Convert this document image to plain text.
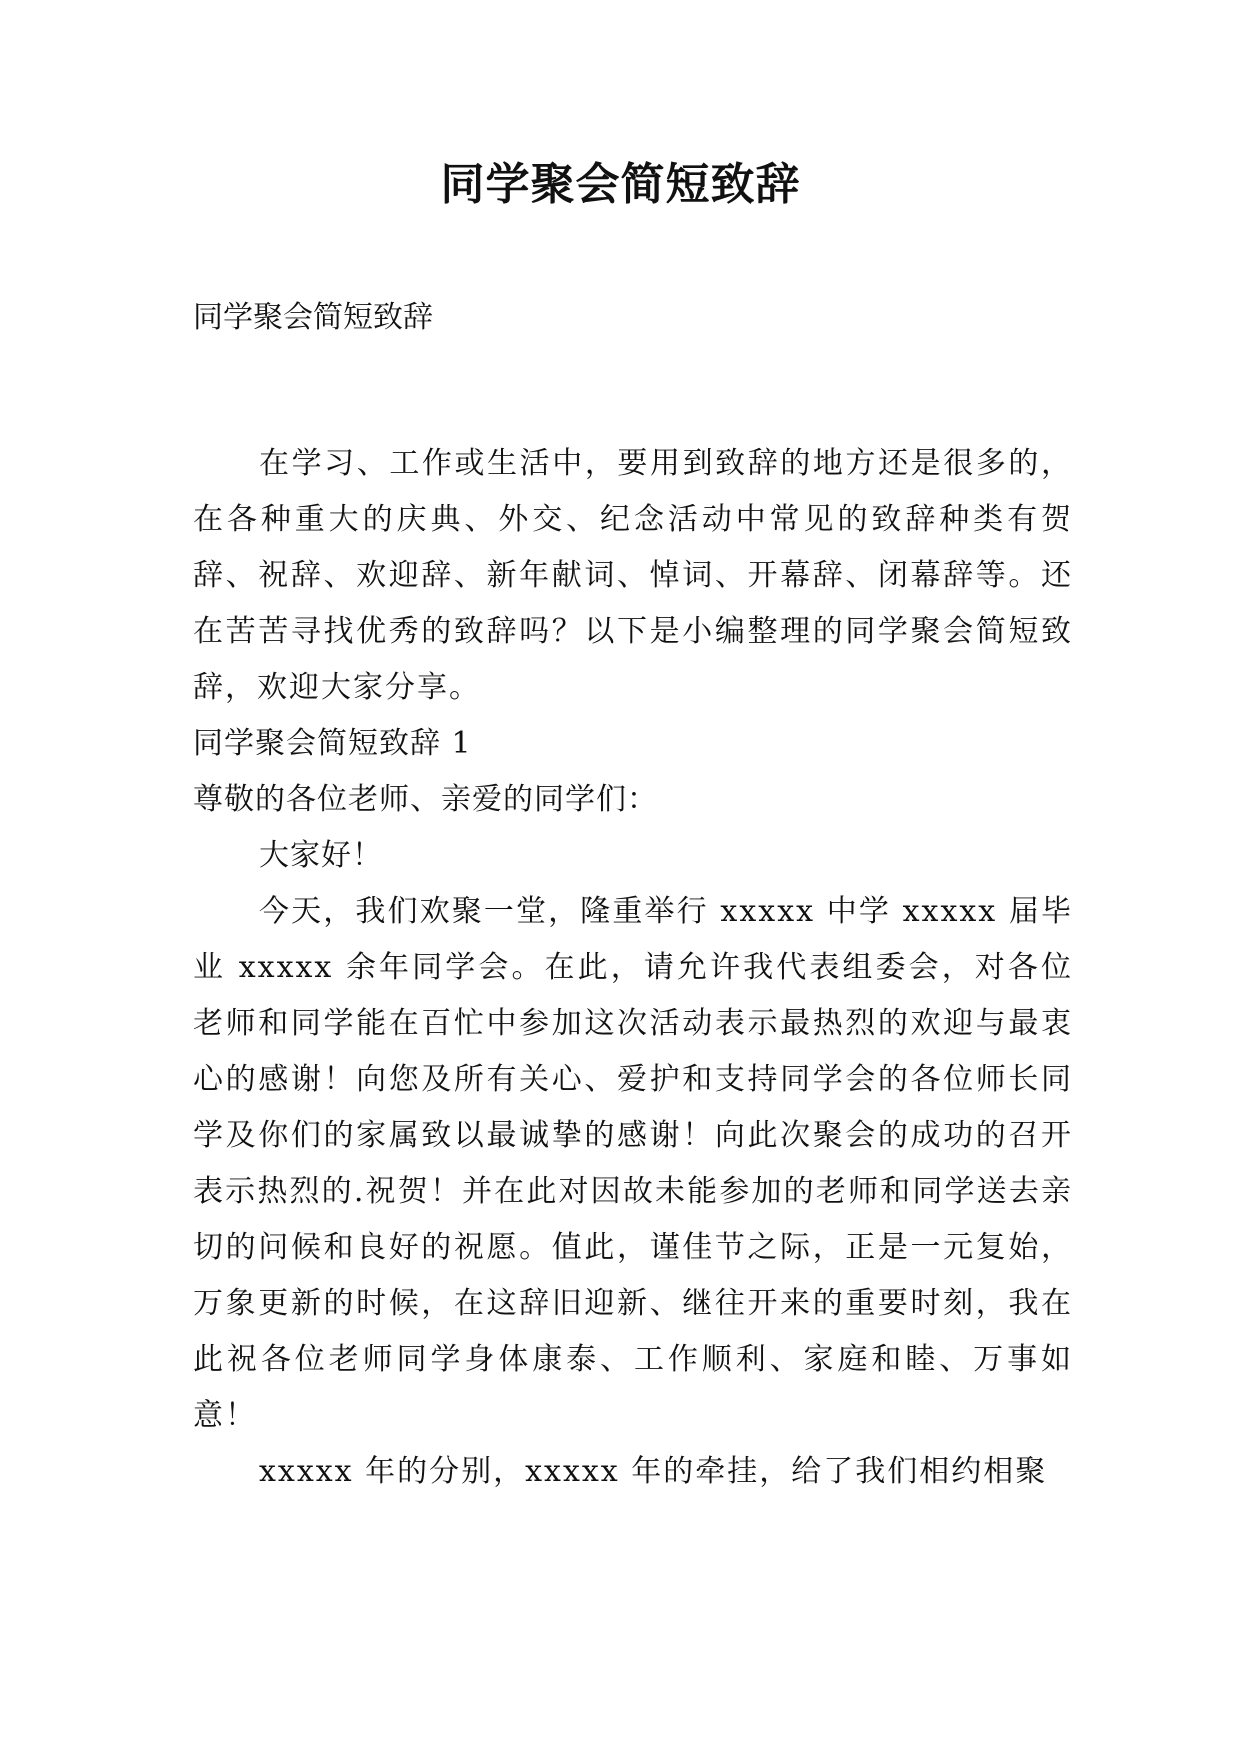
同学聚会简短致辞

同学聚会简短致辞

在学习、工作或生活中，要用到致辞的地方还是很多的，在各种重大的庆典、外交、纪念活动中常见的致辞种类有贺辞、祝辞、欢迎辞、新年献词、悼词、开幕辞、闭幕辞等。还在苦苦寻找优秀的致辞吗？以下是小编整理的同学聚会简短致辞，欢迎大家分享。

同学聚会简短致辞 1

尊敬的各位老师、亲爱的同学们：

大家好！

今天，我们欢聚一堂，隆重举行 xxxxx 中学 xxxxx 届毕业 xxxxx 余年同学会。在此，请允许我代表组委会，对各位老师和同学能在百忙中参加这次活动表示最热烈的欢迎与最衷心的感谢！向您及所有关心、爱护和支持同学会的各位师长同学及你们的家属致以最诚挚的感谢！向此次聚会的成功的召开表示热烈的.祝贺！并在此对因故未能参加的老师和同学送去亲切的问候和良好的祝愿。值此，谨佳节之际，正是一元复始，万象更新的时候，在这辞旧迎新、继往开来的重要时刻，我在此祝各位老师同学身体康泰、工作顺利、家庭和睦、万事如意！

xxxxx 年的分别，xxxxx 年的牵挂，给了我们相约相聚
